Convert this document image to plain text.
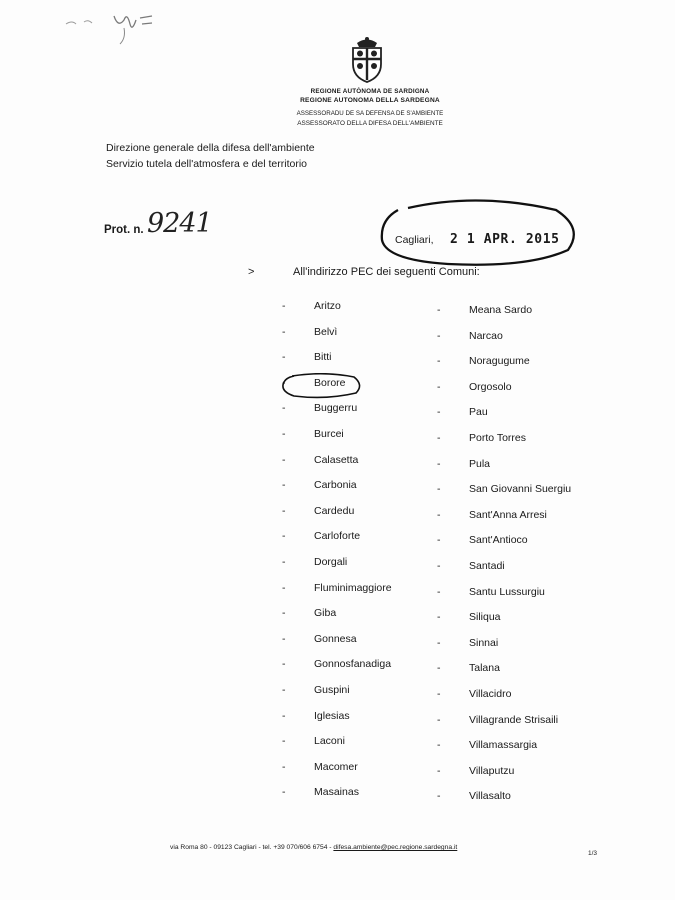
REGIONE AUTÒNOMA DE SARDIGNA
REGIONE AUTONOMA DELLA SARDEGNA
ASSESSORADU DE SA DEFENSA DE S'AMBIENTE
ASSESSORATO DELLA DIFESA DELL'AMBIENTE
Direzione generale della difesa dell'ambiente
Servizio tutela dell'atmosfera e del territorio
Prot. n. 9241
Cagliari, 2 1 APR. 2015
>	All'indirizzo PEC dei seguenti Comuni:
-	Aritzo
-	Belvì
-	Bitti
-	Borore
-	Buggerru
-	Burcei
-	Calasetta
-	Carbonia
-	Cardedu
-	Carloforte
-	Dorgali
-	Fluminimaggiore
-	Giba
-	Gonnesa
-	Gonnosfanadiga
-	Guspini
-	Iglesias
-	Laconi
-	Macomer
-	Masainas
-	Meana Sardo
-	Narcao
-	Noragugume
-	Orgosolo
-	Pau
-	Porto Torres
-	Pula
-	San Giovanni Suergiu
-	Sant'Anna Arresi
-	Sant'Antioco
-	Santadi
-	Santu Lussurgiu
-	Siliqua
-	Sinnai
-	Talana
-	Villacidro
-	Villagrande Strisaili
-	Villamassargia
-	Villaputzu
-	Villasalto
via Roma 80 - 09123 Cagliari - tel. +39 070/606 6754 - difesa.ambiente@pec.regione.sardegna.it
1/3
